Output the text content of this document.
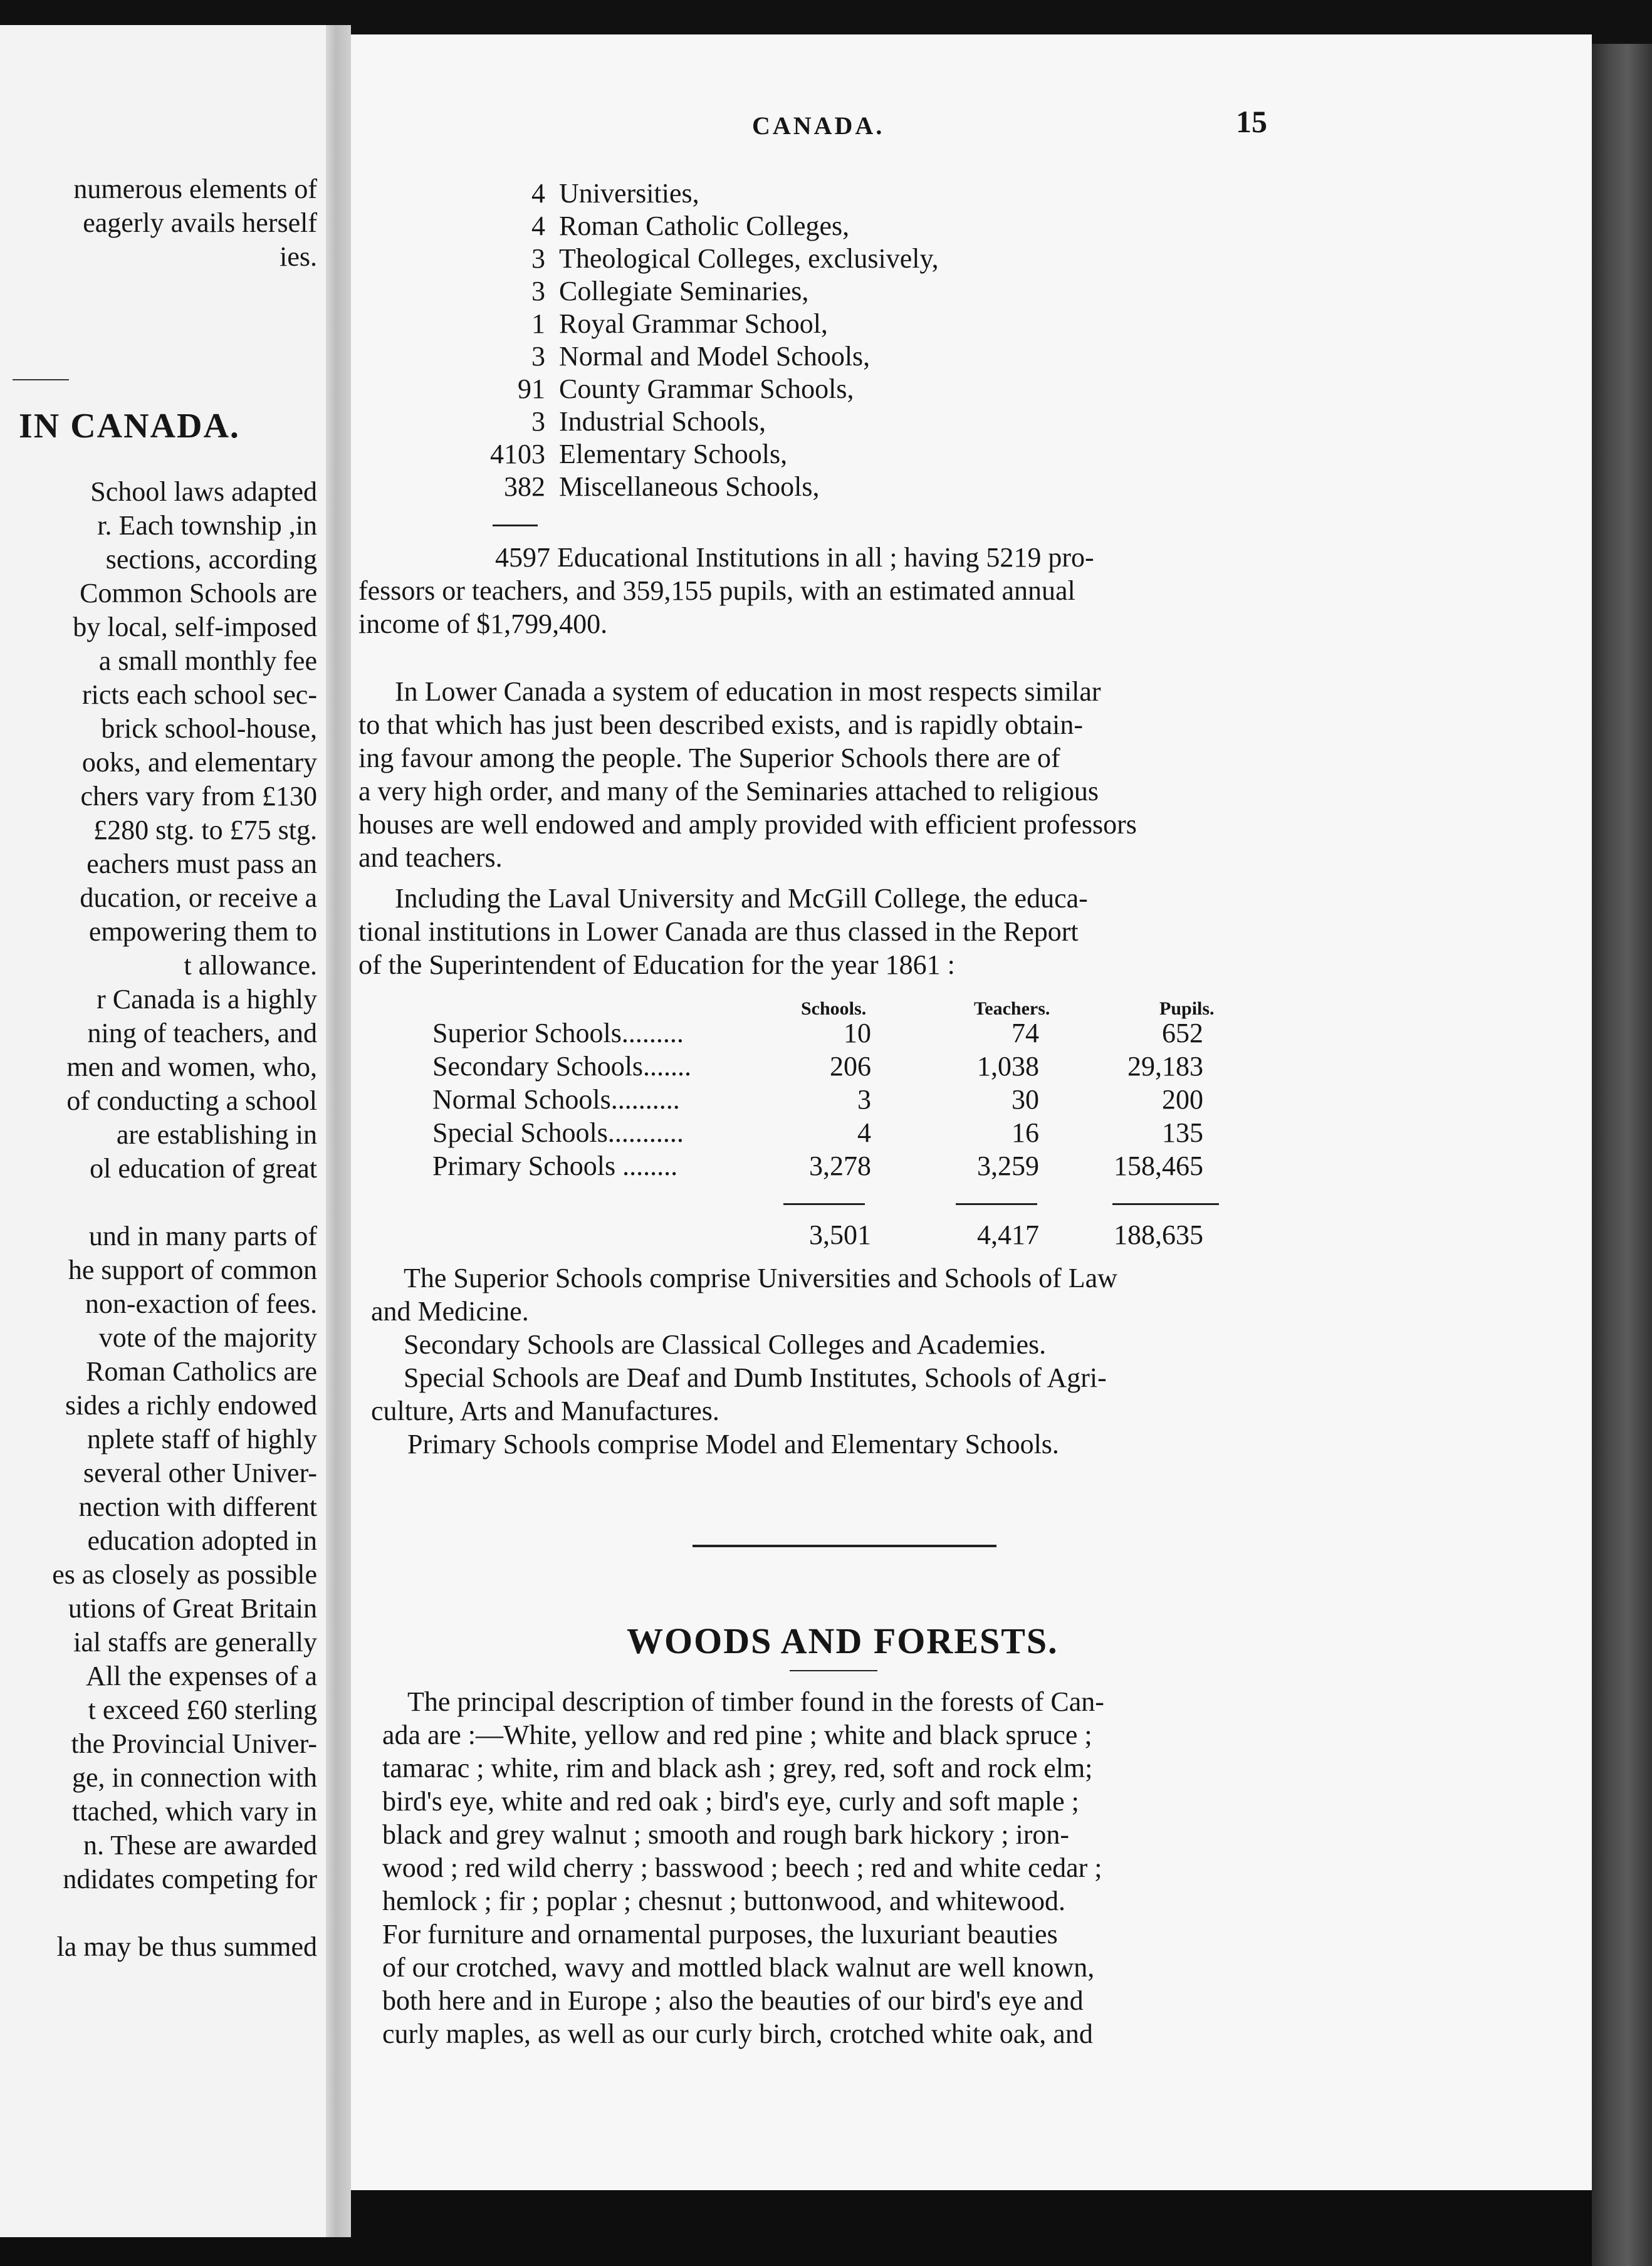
numerous elements of
eagerly avails herself
ies.
IN CANADA.
School laws adapted
r. Each township ,in
sections, according
Common Schools are
by local, self-imposed
a small monthly fee
ricts each school sec-
brick school-house,
ooks, and elementary
chers vary from £130
£280 stg. to £75 stg.
eachers must pass an
ducation, or receive a
empowering them to
t allowance.
r Canada is a highly
ning of teachers, and
men and women, who,
of conducting a school
are establishing in
ol education of great
und in many parts of
he support of common
non-exaction of fees.
vote of the majority
Roman Catholics are
sides a richly endowed
nplete staff of highly
several other Univer-
nection with different
education adopted in
es as closely as possible
utions of Great Britain
ial staffs are generally
All the expenses of a
t exceed £60 sterling
the Provincial Univer-
ge, in connection with
ttached, which vary in
n. These are awarded
ndidates competing for
la may be thus summed
CANADA.	15
4 Universities,
4 Roman Catholic Colleges,
3 Theological Colleges, exclusively,
3 Collegiate Seminaries,
1 Royal Grammar School,
3 Normal and Model Schools,
91 County Grammar Schools,
3 Industrial Schools,
4103 Elementary Schools,
382 Miscellaneous Schools,
4597 Educational Institutions in all ; having 5219 pro-
fessors or teachers, and 359,155 pupils, with an estimated annual
income of $1,799,400.
In Lower Canada a system of education in most respects similar
to that which has just been described exists, and is rapidly obtain-
ing favour among the people. The Superior Schools there are of
a very high order, and many of the Seminaries attached to religious
houses are well endowed and amply provided with efficient professors
and teachers.
Including the Laval University and McGill College, the educa-
tional institutions in Lower Canada are thus classed in the Report
of the Superintendent of Education for the year 1861 :
Schools.	Teachers.	Pupils.
Superior Schools.........	10	74	652
Secondary Schools.......	206	1,038	29,183
Normal Schools..........	3	30	200
Special Schools...........	4	16	135
Primary Schools ........	3,278	3,259	158,465
3,501	4,417	188,635
The Superior Schools comprise Universities and Schools of Law
and Medicine.
Secondary Schools are Classical Colleges and Academies.
Special Schools are Deaf and Dumb Institutes, Schools of Agri-
culture, Arts and Manufactures.
Primary Schools comprise Model and Elementary Schools.
WOODS AND FORESTS.
The principal description of timber found in the forests of Can-
ada are :—White, yellow and red pine ; white and black spruce ;
tamarac ; white, rim and black ash ; grey, red, soft and rock elm;
bird's eye, white and red oak ; bird's eye, curly and soft maple ;
black and grey walnut ; smooth and rough bark hickory ; iron-
wood ; red wild cherry ; basswood ; beech ; red and white cedar ;
hemlock ; fir ; poplar ; chesnut ; buttonwood, and whitewood.
For furniture and ornamental purposes, the luxuriant beauties
of our crotched, wavy and mottled black walnut are well known,
both here and in Europe ; also the beauties of our bird's eye and
curly maples, as well as our curly birch, crotched white oak, and
